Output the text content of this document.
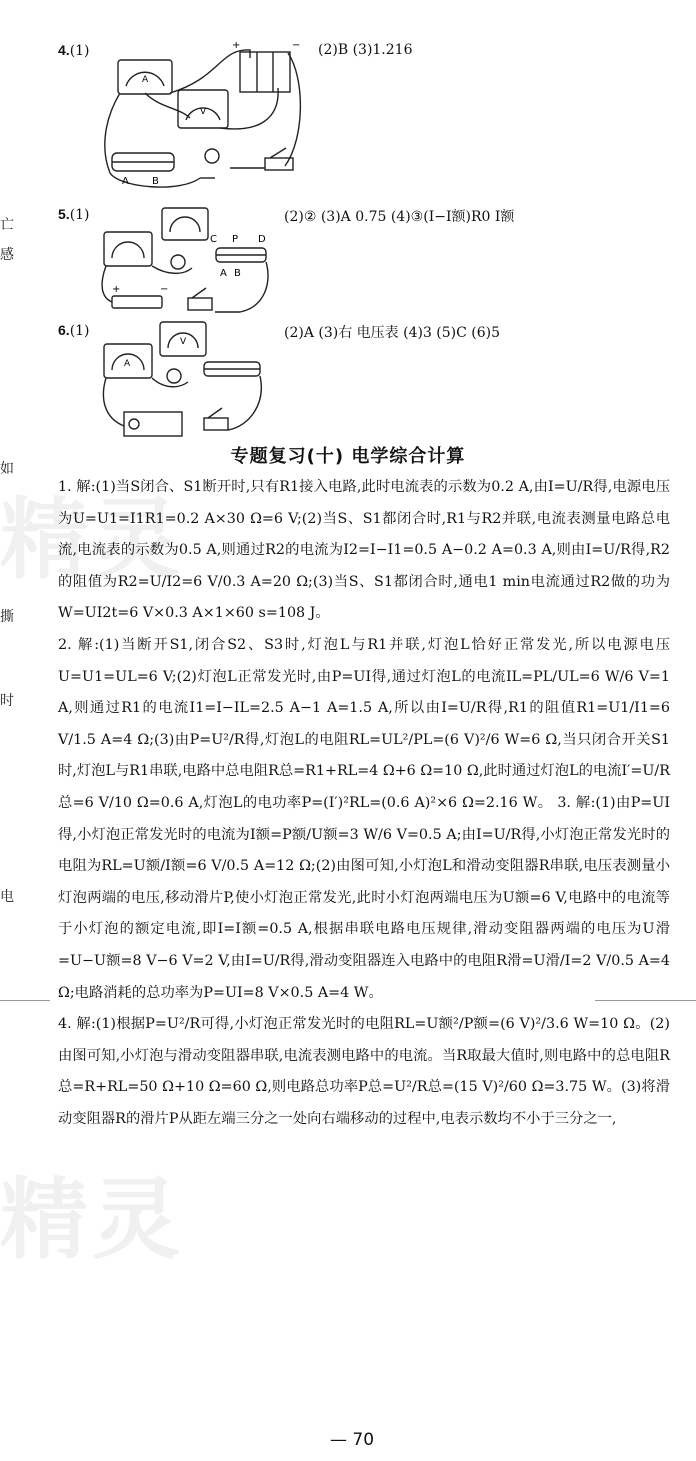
亡
感
如
撕
时
电
精灵
精灵
4.(1)
A
V
A B
+	− (2)B (3)1.216
5.(1)
C P D
A B
+	−
(2)② (3)A 0.75 (4)③(I−I额)R0 I额
6.(1)
A
V
(2)A (3)右 电压表 (4)3 (5)C (6)5
专题复习(十) 电学综合计算

1. 解:(1)当S闭合、S1断开时,只有R1接入电路,此时电流表的示数为0.2 A,由I=U/R得,电源电压为U=U1=I1R1=0.2 A×30 Ω=6 V;(2)当S、S1都闭合时,R1与R2并联,电流表测量电路总电流,电流表的示数为0.5 A,则通过R2的电流为I2=I−I1=0.5 A−0.2 A=0.3 A,则由I=U/R得,R2的阻值为R2=U/I2=6 V/0.3 A=20 Ω;(3)当S、S1都闭合时,通电1 min电流通过R2做的功为W=UI2t=6 V×0.3 A×1×60 s=108 J。

2. 解:(1)当断开S1,闭合S2、S3时,灯泡L与R1并联,灯泡L恰好正常发光,所以电源电压U=U1=UL=6 V;(2)灯泡L正常发光时,由P=UI得,通过灯泡L的电流IL=PL/UL=6 W/6 V=1 A,则通过R1的电流I1=I−IL=2.5 A−1 A=1.5 A,所以由I=U/R得,R1的阻值R1=U1/I1=6 V/1.5 A=4 Ω;(3)由P=U²/R得,灯泡L的电阻RL=UL²/PL=(6 V)²/6 W=6 Ω,当只闭合开关S1时,灯泡L与R1串联,电路中总电阻R总=R1+RL=4 Ω+6 Ω=10 Ω,此时通过灯泡L的电流I′=U/R总=6 V/10 Ω=0.6 A,灯泡L的电功率P=(I′)²RL=(0.6 A)²×6 Ω=2.16 W。 3. 解:(1)由P=UI得,小灯泡正常发光时的电流为I额=P额/U额=3 W/6 V=0.5 A;由I=U/R得,小灯泡正常发光时的电阻为RL=U额/I额=6 V/0.5 A=12 Ω;(2)由图可知,小灯泡L和滑动变阻器R串联,电压表测量小灯泡两端的电压,移动滑片P,使小灯泡正常发光,此时小灯泡两端电压为U额=6 V,电路中的电流等于小灯泡的额定电流,即I=I额=0.5 A,根据串联电路电压规律,滑动变阻器两端的电压为U滑=U−U额=8 V−6 V=2 V,由I=U/R得,滑动变阻器连入电路中的电阻R滑=U滑/I=2 V/0.5 A=4 Ω;电路消耗的总功率为P=UI=8 V×0.5 A=4 W。

4. 解:(1)根据P=U²/R可得,小灯泡正常发光时的电阻RL=U额²/P额=(6 V)²/3.6 W=10 Ω。(2)由图可知,小灯泡与滑动变阻器串联,电流表测电路中的电流。当R取最大值时,则电路中的总电阻R总=R+RL=50 Ω+10 Ω=60 Ω,则电路总功率P总=U²/R总=(15 V)²/60 Ω=3.75 W。(3)将滑动变阻器R的滑片P从距左端三分之一处向右端移动的过程中,电表示数均不小于三分之一,

— 70
